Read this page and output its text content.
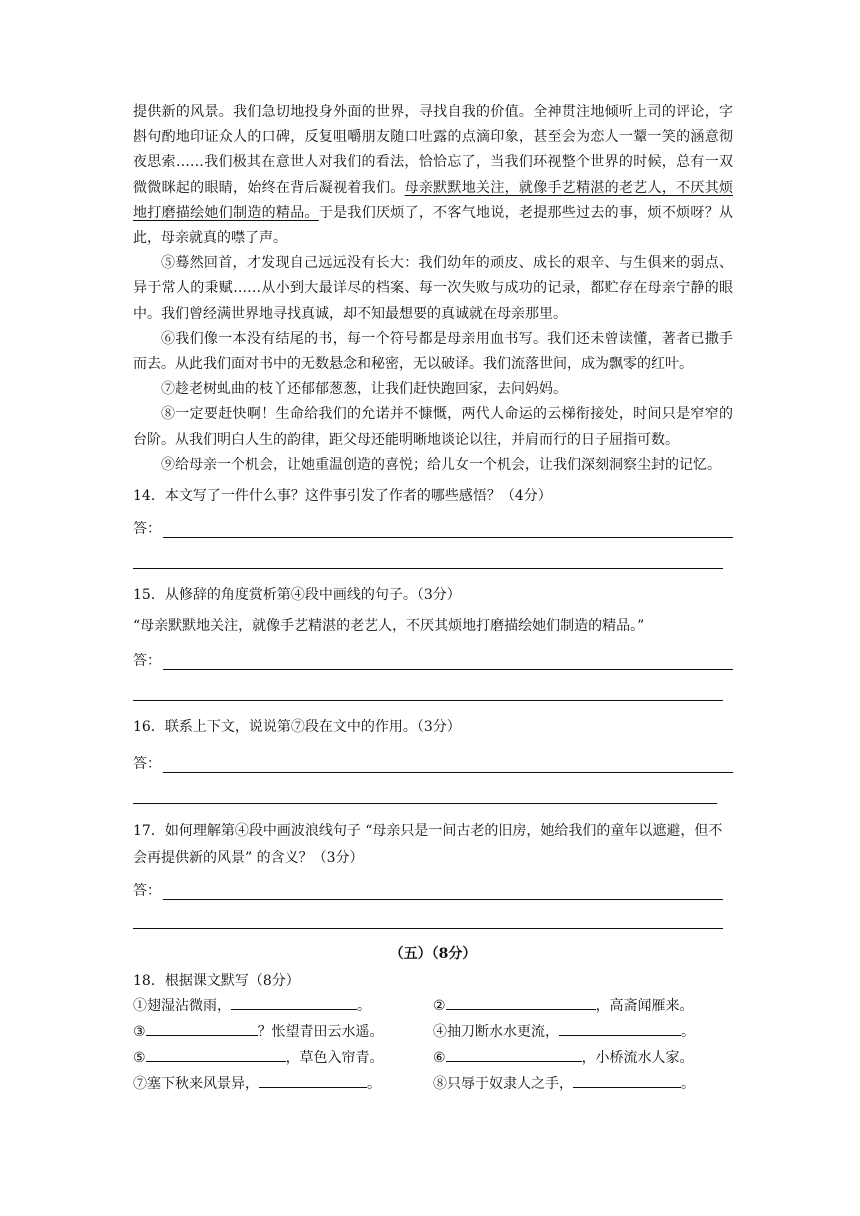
提供新的风景。我们急切地投身外面的世界，寻找自我的价值。全神贯注地倾听上司的评论，字斟句酌地印证众人的口碑，反复咀嚼朋友随口吐露的点滴印象，甚至会为恋人一颦一笑的涵意彻夜思索……我们极其在意世人对我们的看法，恰恰忘了，当我们环视整个世界的时候，总有一双微微眯起的眼睛，始终在背后凝视着我们。母亲默默地关注，就像手艺精湛的老艺人，不厌其烦地打磨描绘她们制造的精品。于是我们厌烦了，不客气地说，老提那些过去的事，烦不烦呀？从此，母亲就真的噤了声。

⑤蓦然回首，才发现自己远远没有长大：我们幼年的顽皮、成长的艰辛、与生俱来的弱点、异于常人的秉赋……从小到大最详尽的档案、每一次失败与成功的记录，都贮存在母亲宁静的眼中。我们曾经满世界地寻找真诚，却不知最想要的真诚就在母亲那里。

⑥我们像一本没有结尾的书，每一个符号都是母亲用血书写。我们还未曾读懂，著者已撒手而去。从此我们面对书中的无数悬念和秘密，无以破译。我们流落世间，成为飘零的红叶。

⑦趁老树虬曲的枝丫还郁郁葱葱，让我们赶快跑回家，去问妈妈。

⑧一定要赶快啊！生命给我们的允诺并不慷慨，两代人命运的云梯衔接处，时间只是窄窄的台阶。从我们明白人生的韵律，距父母还能明晰地谈论以往，并肩而行的日子屈指可数。

⑨给母亲一个机会，让她重温创造的喜悦；给儿女一个机会，让我们深刻洞察尘封的记忆。

14．本文写了一件什么事？这件事引发了作者的哪些感悟？（4分）

答：

15．从修辞的角度赏析第④段中画线的句子。（3分）

“母亲默默地关注，就像手艺精湛的老艺人，不厌其烦地打磨描绘她们制造的精品。”

答：

16．联系上下文，说说第⑦段在文中的作用。（3分）

答：

17．如何理解第④段中画波浪线句子 “母亲只是一间古老的旧房，她给我们的童年以遮避，但不会再提供新的风景” 的含义？（3分）

答：

（五）（8分）

18．根据课文默写（8分）

①翅湿沾微雨，	。	②	，高斋闻雁来。
③	？怅望青田云水遥。	④抽刀断水水更流，	。
⑤	，草色入帘青。	⑥	，小桥流水人家。
⑦塞下秋来风景异，	。	⑧只辱于奴隶人之手，	。
